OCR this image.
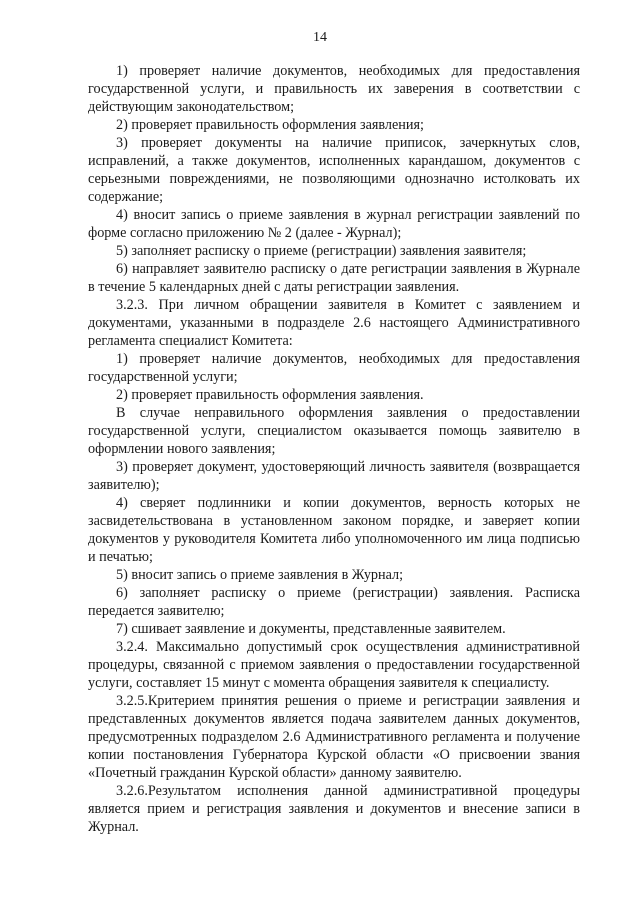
14

1) проверяет наличие документов, необходимых для предоставления государственной услуги, и правильность их заверения в соответствии с действующим законодательством;

2) проверяет правильность оформления заявления;

3) проверяет документы на наличие приписок, зачеркнутых слов, исправлений, а также документов, исполненных карандашом, документов с серьезными повреждениями, не позволяющими однозначно истолковать их содержание;

4) вносит запись о приеме заявления в журнал регистрации заявлений по форме согласно приложению № 2 (далее - Журнал);

5) заполняет расписку о приеме (регистрации) заявления заявителя;

6) направляет заявителю расписку о дате регистрации заявления в Журнале в течение 5 календарных дней с даты регистрации заявления.

3.2.3. При личном обращении заявителя в Комитет с заявлением и документами, указанными в подразделе 2.6 настоящего Административного регламента специалист Комитета:

1) проверяет наличие документов, необходимых для предоставления государственной услуги;

2) проверяет правильность оформления заявления.

В случае неправильного оформления заявления о предоставлении государственной услуги, специалистом оказывается помощь заявителю в оформлении нового заявления;

3) проверяет документ, удостоверяющий личность заявителя (возвращается заявителю);

4) сверяет подлинники и копии документов, верность которых не засвидетельствована в установленном законом порядке, и заверяет копии документов у руководителя Комитета либо уполномоченного им лица подписью и печатью;

5) вносит запись о приеме заявления в Журнал;

6) заполняет расписку о приеме (регистрации) заявления. Расписка передается заявителю;

7) сшивает заявление и документы, представленные заявителем.

3.2.4. Максимально допустимый срок осуществления административной процедуры, связанной с приемом заявления о предоставлении государственной услуги, составляет 15 минут с момента обращения заявителя к специалисту.

3.2.5.Критерием принятия решения о приеме и регистрации заявления и представленных документов является подача заявителем данных документов, предусмотренных подразделом 2.6 Административного регламента и получение копии постановления Губернатора Курской области «О присвоении звания «Почетный гражданин Курской области» данному заявителю.

3.2.6.Результатом исполнения данной административной процедуры является прием и регистрация заявления и документов и внесение записи в Журнал.
